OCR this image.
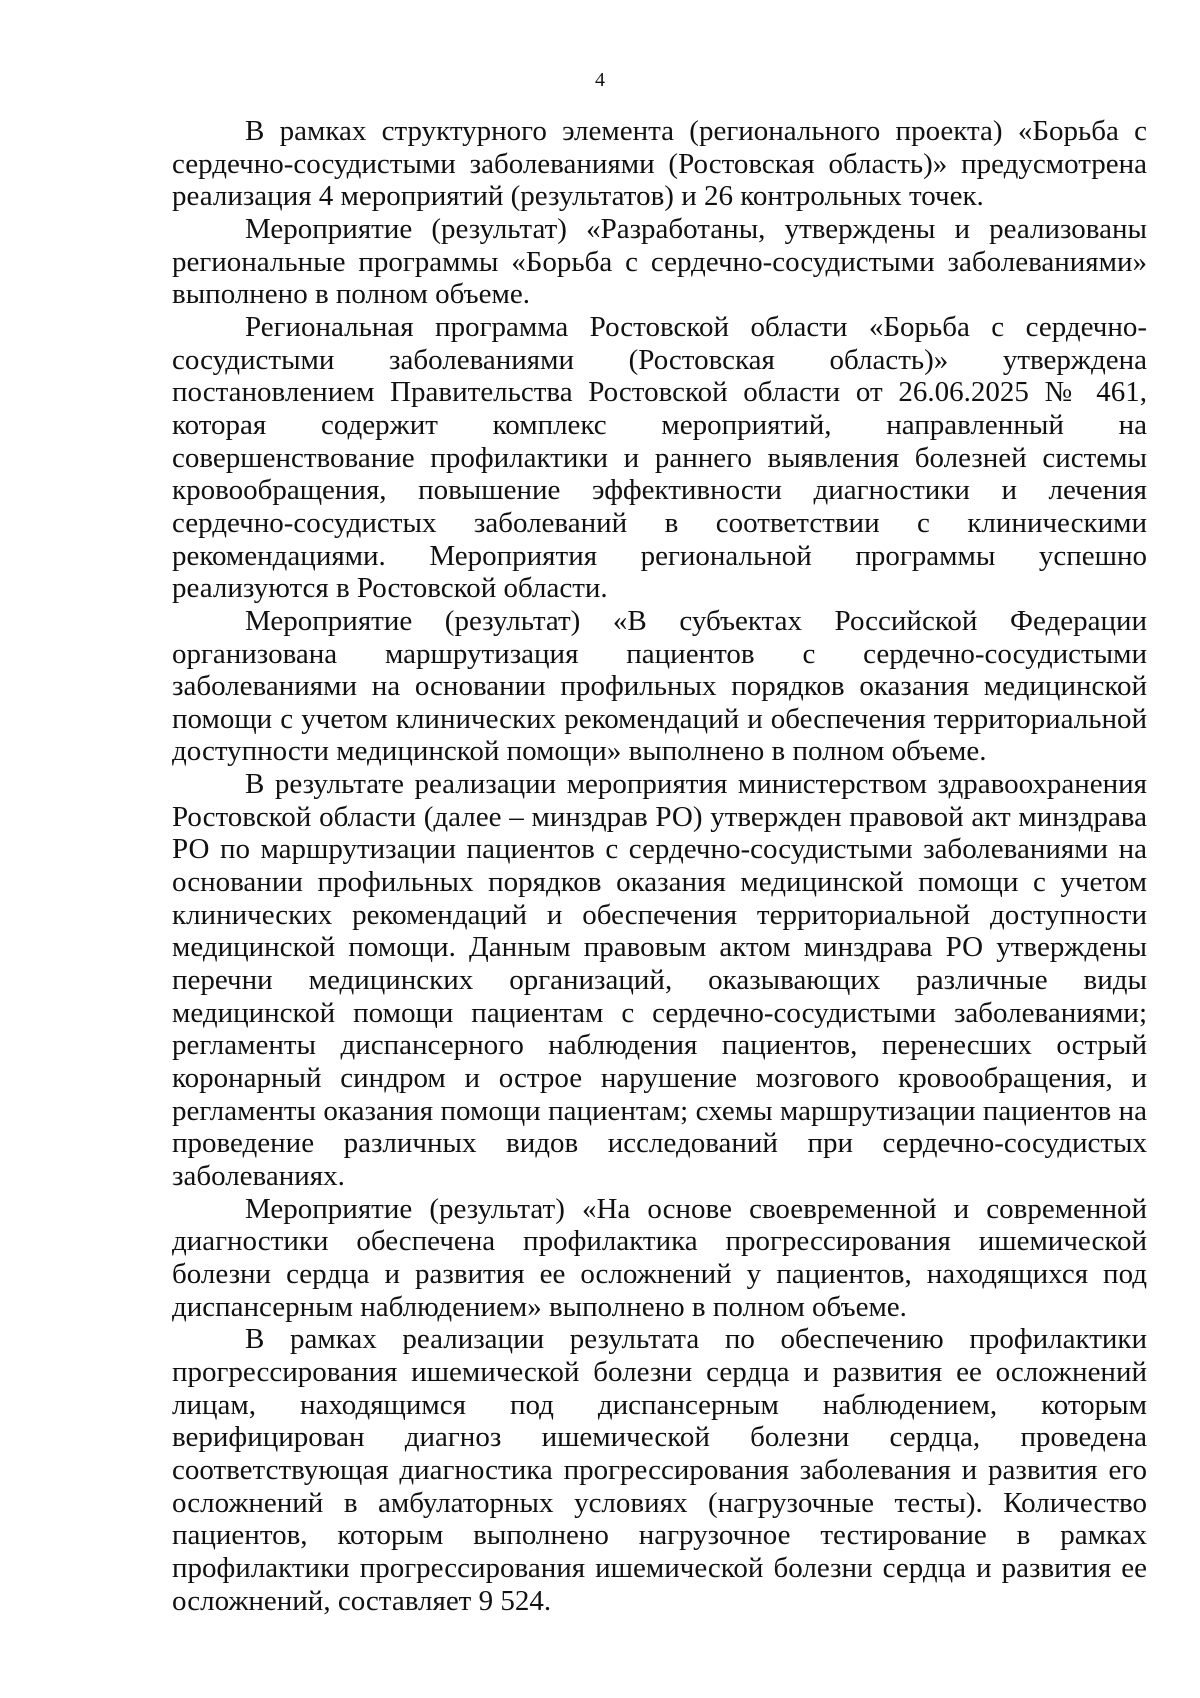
4

В рамках структурного элемента (регионального проекта) «Борьба с сердечно-сосудистыми заболеваниями (Ростовская область)» предусмотрена реализация 4 мероприятий (результатов) и 26 контрольных точек.

Мероприятие (результат) «Разработаны, утверждены и реализованы региональные программы «Борьба с сердечно-сосудистыми заболеваниями» выполнено в полном объеме.

Региональная программа Ростовской области «Борьба с сердечно-сосудистыми заболеваниями (Ростовская область)» утверждена постановлением Правительства Ростовской области от 26.06.2025 № 461, которая содержит комплекс мероприятий, направленный на совершенствование профилактики и раннего выявления болезней системы кровообращения, повышение эффективности диагностики и лечения сердечно-сосудистых заболеваний в соответствии с клиническими рекомендациями. Мероприятия региональной программы успешно реализуются в Ростовской области.

Мероприятие (результат) «В субъектах Российской Федерации организована маршрутизация пациентов с сердечно-сосудистыми заболеваниями на основании профильных порядков оказания медицинской помощи с учетом клинических рекомендаций и обеспечения территориальной доступности медицинской помощи» выполнено в полном объеме.

В результате реализации мероприятия министерством здравоохранения Ростовской области (далее – минздрав РО) утвержден правовой акт минздрава РО по маршрутизации пациентов с сердечно-сосудистыми заболеваниями на основании профильных порядков оказания медицинской помощи с учетом клинических рекомендаций и обеспечения территориальной доступности медицинской помощи. Данным правовым актом минздрава РО утверждены перечни медицинских организаций, оказывающих различные виды медицинской помощи пациентам с сердечно-сосудистыми заболеваниями; регламенты диспансерного наблюдения пациентов, перенесших острый коронарный синдром и острое нарушение мозгового кровообращения, и регламенты оказания помощи пациентам; схемы маршрутизации пациентов на проведение различных видов исследований при сердечно-сосудистых заболеваниях.

Мероприятие (результат) «На основе своевременной и современной диагностики обеспечена профилактика прогрессирования ишемической болезни сердца и развития ее осложнений у пациентов, находящихся под диспансерным наблюдением» выполнено в полном объеме.

В рамках реализации результата по обеспечению профилактики прогрессирования ишемической болезни сердца и развития ее осложнений лицам, находящимся под диспансерным наблюдением, которым верифицирован диагноз ишемической болезни сердца, проведена соответствующая диагностика прогрессирования заболевания и развития его осложнений в амбулаторных условиях (нагрузочные тесты). Количество пациентов, которым выполнено нагрузочное тестирование в рамках профилактики прогрессирования ишемической болезни сердца и развития ее осложнений, составляет 9 524.
